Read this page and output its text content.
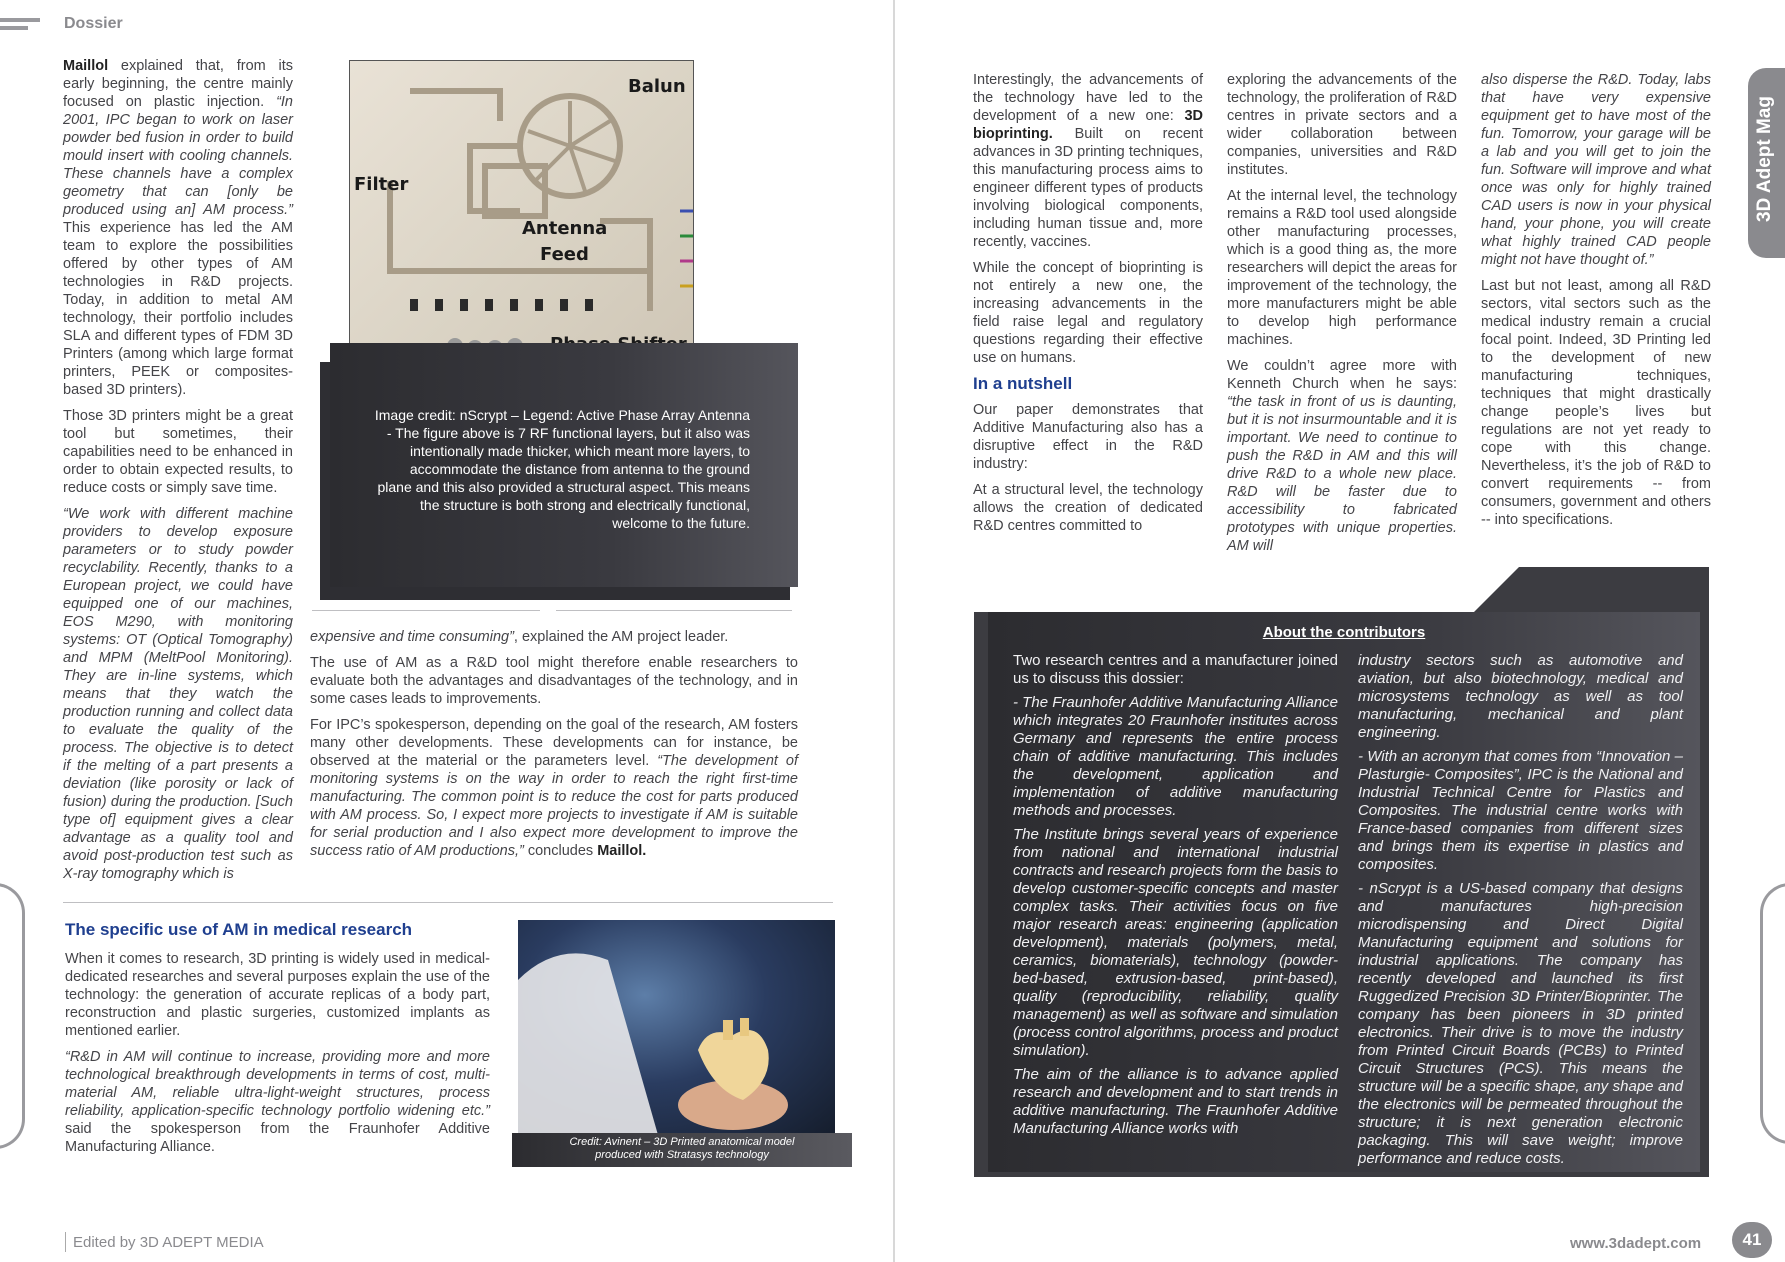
Dossier

Maillol explained that, from its early beginning, the centre mainly focused on plastic injection. “In 2001, IPC began to work on laser powder bed fusion in order to build mould insert with cooling channels. These channels have a complex geometry that can [only be produced using an] AM process.” This experience has led the AM team to explore the possibilities offered by other types of AM technologies in R&D projects. Today, in addition to metal AM technology, their portfolio includes SLA and different types of FDM 3D Printers (among which large format printers, PEEK or composites-based 3D printers).

Those 3D printers might be a great tool but sometimes, their capabilities need to be enhanced in order to obtain expected results, to reduce costs or simply save time.

“We work with different machine providers to develop exposure parameters or to study powder recyclability. Recently, thanks to a European project, we could have equipped one of our machines, EOS M290, with monitoring systems: OT (Optical Tomography) and MPM (MeltPool Monitoring). They are in-line systems, which means that they watch the production running and collect data to evaluate the quality of the process. The objective is to detect if the melting of a part presents a deviation (like porosity or lack of fusion) during the production. [Such type of] equipment gives a clear advantage as a quality tool and avoid post-production test such as X-ray tomography which is

Balun
Filter
Antenna
Feed
Image credit: nScrypt – Legend: Active Phase Array Antenna - The figure above is 7 RF functional layers, but it also was intentionally made thicker, which meant more layers, to accommodate the distance from antenna to the ground plane and this also provided a structural aspect. This means the structure is both strong and electrically functional, welcome to the future.

expensive and time consuming”, explained the AM project leader.

The use of AM as a R&D tool might therefore enable researchers to evaluate both the advantages and disadvantages of the technology, and in some cases leads to improvements.

For IPC’s spokesperson, depending on the goal of the research, AM fosters many other developments. These developments can for instance, be observed at the material or the parameters level. “The development of monitoring systems is on the way in order to reach the right first-time manufacturing. The common point is to reduce the cost for parts produced with AM process. So, I expect more projects to investigate if AM is suitable for serial production and I also expect more development to improve the success ratio of AM productions,” concludes Maillol.

The specific use of AM in medical research

When it comes to research, 3D printing is widely used in medical-dedicated researches and several purposes explain the use of the technology: the generation of accurate replicas of a body part, reconstruction and plastic surgeries, customized implants as mentioned earlier.

“R&D in AM will continue to increase, providing more and more technological breakthrough developments in terms of cost, multi-material AM, reliable ultra-light-weight structures, process reliability, application-specific technology portfolio widening etc.” said the spokesperson from the Fraunhofer Additive Manufacturing Alliance.	Credit: Avinent – 3D Printed anatomical model produced with Stratasys technology
Edited by 3D ADEPT MEDIA

Interestingly, the advancements of the technology have led to the development of a new one: 3D bioprinting. Built on recent advances in 3D printing techniques, this manufacturing process aims to engineer different types of products involving biological components, including human tissue and, more recently, vaccines.

While the concept of bioprinting is not entirely a new one, the increasing advancements in the field raise legal and regulatory questions regarding their effective use on humans.

In a nutshell

Our paper demonstrates that Additive Manufacturing also has a disruptive effect in the R&D industry:

At a structural level, the technology allows the creation of dedicated R&D centres committed to

exploring the advancements of the technology, the proliferation of R&D centres in private sectors and a wider collaboration between companies, universities and R&D institutes.

At the internal level, the technology remains a R&D tool used alongside other manufacturing processes, which is a good thing as, the more researchers will depict the areas for improvement of the technology, the more manufacturers might be able to develop high performance machines.

We couldn’t agree more with Kenneth Church when he says: “the task in front of us is daunting, but it is not insurmountable and it is important. We need to continue to push the R&D in AM and this will drive R&D to a whole new place. R&D will be faster due to accessibility to fabricated prototypes with unique properties. AM will

also disperse the R&D. Today, labs that have very expensive equipment get to have most of the fun. Tomorrow, your garage will be a lab and you will get to join the fun. Software will improve and what once was only for highly trained CAD users is now in your physical hand, your phone, you will create what highly trained CAD people might not have thought of.”

Last but not least, among all R&D sectors, vital sectors such as the medical industry remain a crucial focal point. Indeed, 3D Printing led to the development of new manufacturing techniques, techniques that might drastically change people’s lives but regulations are not yet ready to cope with this change. Nevertheless, it’s the job of R&D to convert requirements -- from consumers, government and others -- into specifications.

3D Adept Mag
About the contributors

Two research centres and a manufacturer joined us to discuss this dossier:

- The Fraunhofer Additive Manufacturing Alliance which integrates 20 Fraunhofer institutes across Germany and represents the entire process chain of additive manufacturing. This includes the development, application and implementation of additive manufacturing methods and processes.

The Institute brings several years of experience from national and international industrial contracts and research projects form the basis to develop customer-specific concepts and master complex tasks. Their activities focus on five major research areas: engineering (application development), materials (polymers, metal, ceramics, biomaterials), technology (powder-bed-based, extrusion-based, print-based), quality (reproducibility, reliability, quality management) as well as software and simulation (process control algorithms, process and product simulation).

The aim of the alliance is to advance applied research and development and to start trends in additive manufacturing. The Fraunhofer Additive Manufacturing Alliance works with

industry sectors such as automotive and aviation, but also biotechnology, medical and microsystems technology as well as tool manufacturing, mechanical and plant engineering.

- With an acronym that comes from “Innovation – Plasturgie- Composites”, IPC is the National and Industrial Technical Centre for Plastics and Composites. The industrial centre works with France-based companies from different sizes and brings them its expertise in plastics and composites.

- nScrypt is a US-based company that designs and manufactures high-precision microdispensing and Direct Digital Manufacturing equipment and solutions for industrial applications. The company has recently developed and launched its first Ruggedized Precision 3D Printer/Bioprinter. The company has been pioneers in 3D printed electronics. Their drive is to move the industry from Printed Circuit Boards (PCBs) to Printed Circuit Structures (PCS). This means the structure will be a specific shape, any shape and the electronics will be permeated throughout the structure; it is next generation electronic packaging. This will save weight; improve performance and reduce costs.

www.3dadept.com	41
